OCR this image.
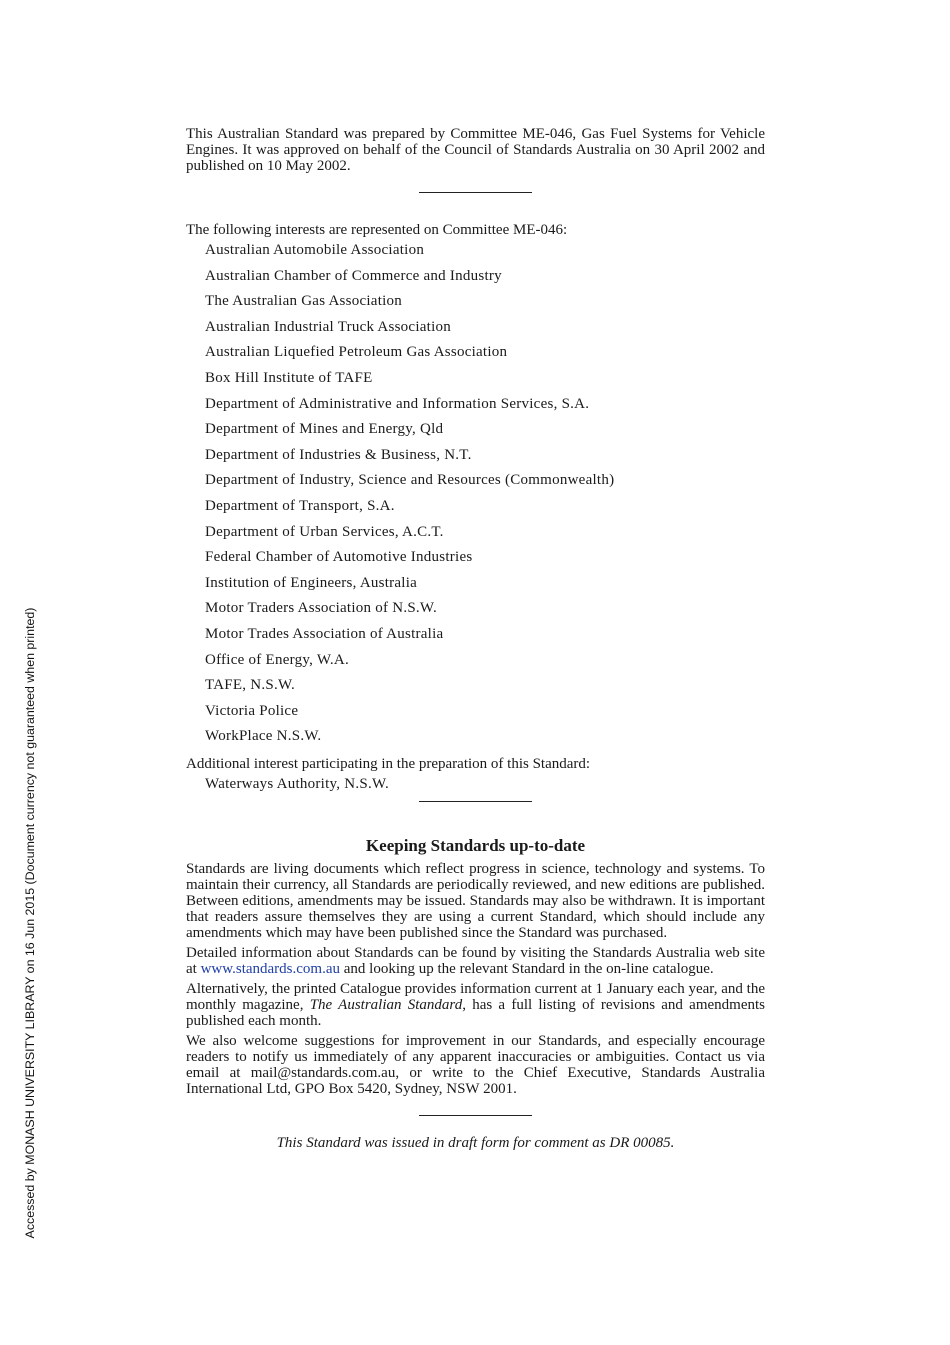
This Australian Standard was prepared by Committee ME-046, Gas Fuel Systems for Vehicle Engines. It was approved on behalf of the Council of Standards Australia on 30 April 2002 and published on 10 May 2002.

The following interests are represented on Committee ME-046:
Australian Automobile Association
Australian Chamber of Commerce and Industry
The Australian Gas Association
Australian Industrial Truck Association
Australian Liquefied Petroleum Gas Association
Box Hill Institute of TAFE
Department of Administrative and Information Services, S.A.
Department of Mines and Energy, Qld
Department of Industries & Business, N.T.
Department of Industry, Science and Resources (Commonwealth)
Department of Transport, S.A.
Department of Urban Services, A.C.T.
Federal Chamber of Automotive Industries
Institution of Engineers, Australia
Motor Traders Association of N.S.W.
Motor Trades Association of Australia
Office of Energy, W.A.
TAFE, N.S.W.
Victoria Police
WorkPlace N.S.W.
Additional interest participating in the preparation of this Standard:
Waterways Authority, N.S.W.
Keeping Standards up-to-date

Standards are living documents which reflect progress in science, technology and systems. To maintain their currency, all Standards are periodically reviewed, and new editions are published. Between editions, amendments may be issued. Standards may also be withdrawn. It is important that readers assure themselves they are using a current Standard, which should include any amendments which may have been published since the Standard was purchased.

Detailed information about Standards can be found by visiting the Standards Australia web site at www.standards.com.au and looking up the relevant Standard in the on-line catalogue.

Alternatively, the printed Catalogue provides information current at 1 January each year, and the monthly magazine, The Australian Standard, has a full listing of revisions and amendments published each month.

We also welcome suggestions for improvement in our Standards, and especially encourage readers to notify us immediately of any apparent inaccuracies or ambiguities. Contact us via email at mail@standards.com.au, or write to the Chief Executive, Standards Australia International Ltd, GPO Box 5420, Sydney, NSW 2001.

This Standard was issued in draft form for comment as DR 00085.
Accessed by MONASH UNIVERSITY LIBRARY on 16 Jun 2015 (Document currency not guaranteed when printed)
